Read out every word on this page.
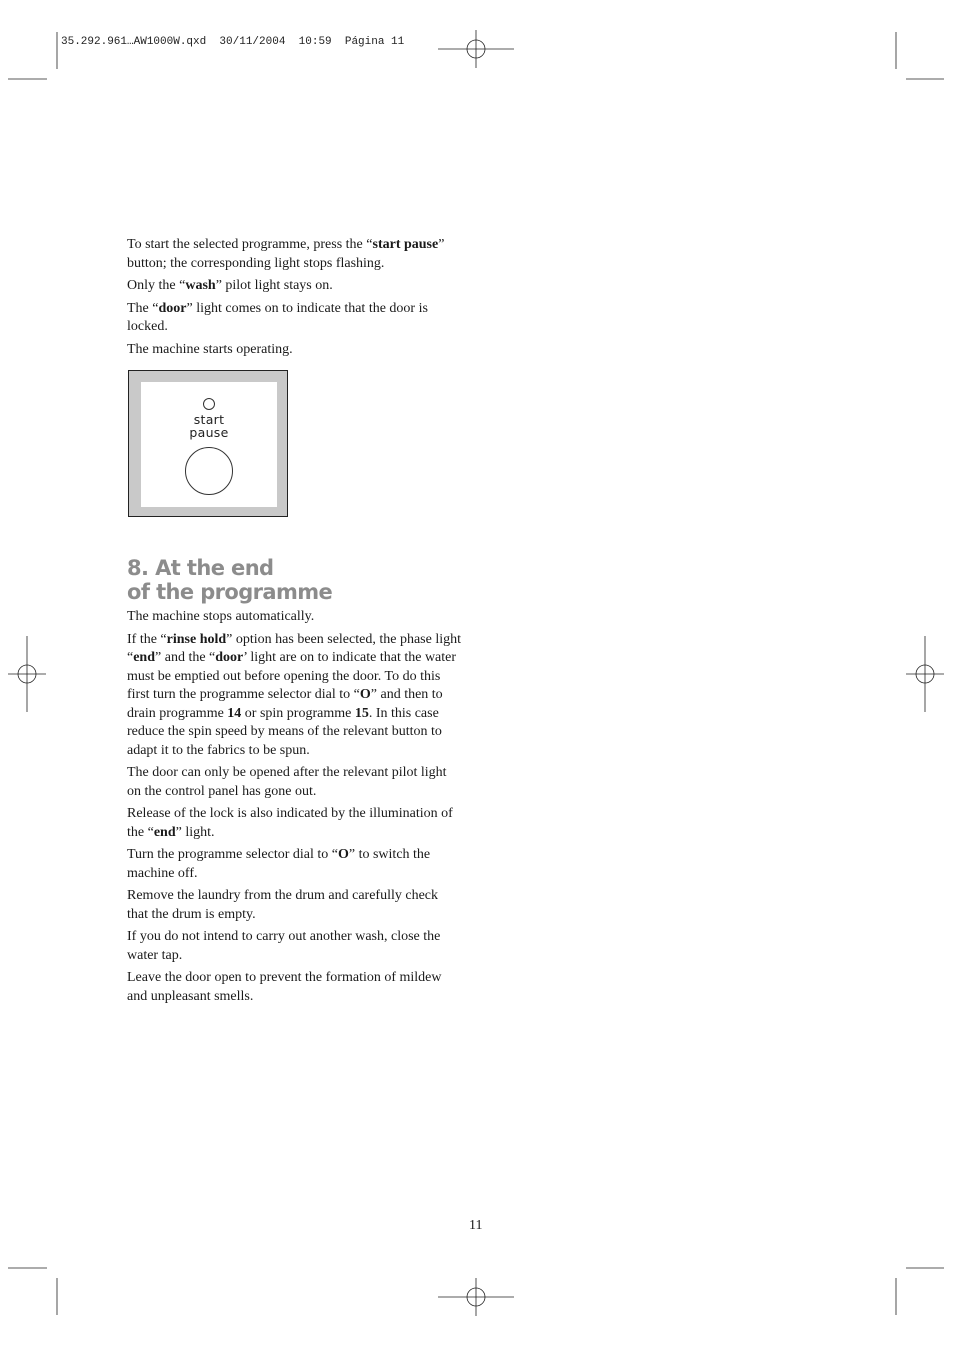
35.292.961…AW1000W.qxd  30/11/2004  10:59  Página 11

To start the selected programme, press the “start pause” button; the corresponding light stops flashing.

Only the “wash” pilot light stays on.

The “door” light comes on to indicate that the door is locked.

The machine starts operating.

start
pause
8. At the end
of the programme

The machine stops automatically.

If the “rinse hold” option has been selected, the phase light “end” and the “door’ light are on to indicate that the water must be emptied out before opening the door. To do this first turn the programme selector dial to “O” and then to drain programme 14 or spin programme 15. In this case reduce the spin speed by means of the relevant button to adapt it to the fabrics to be spun.

The door can only be opened after the relevant pilot light on the control panel has gone out.

Release of the lock is also indicated by the illumination of the “end” light.

Turn the programme selector dial to “O” to switch the machine off.

Remove the laundry from the drum and carefully check that the drum is empty.

If you do not intend to carry out another wash, close the water tap.

Leave the door open to prevent the formation of mildew and unpleasant smells.

11
